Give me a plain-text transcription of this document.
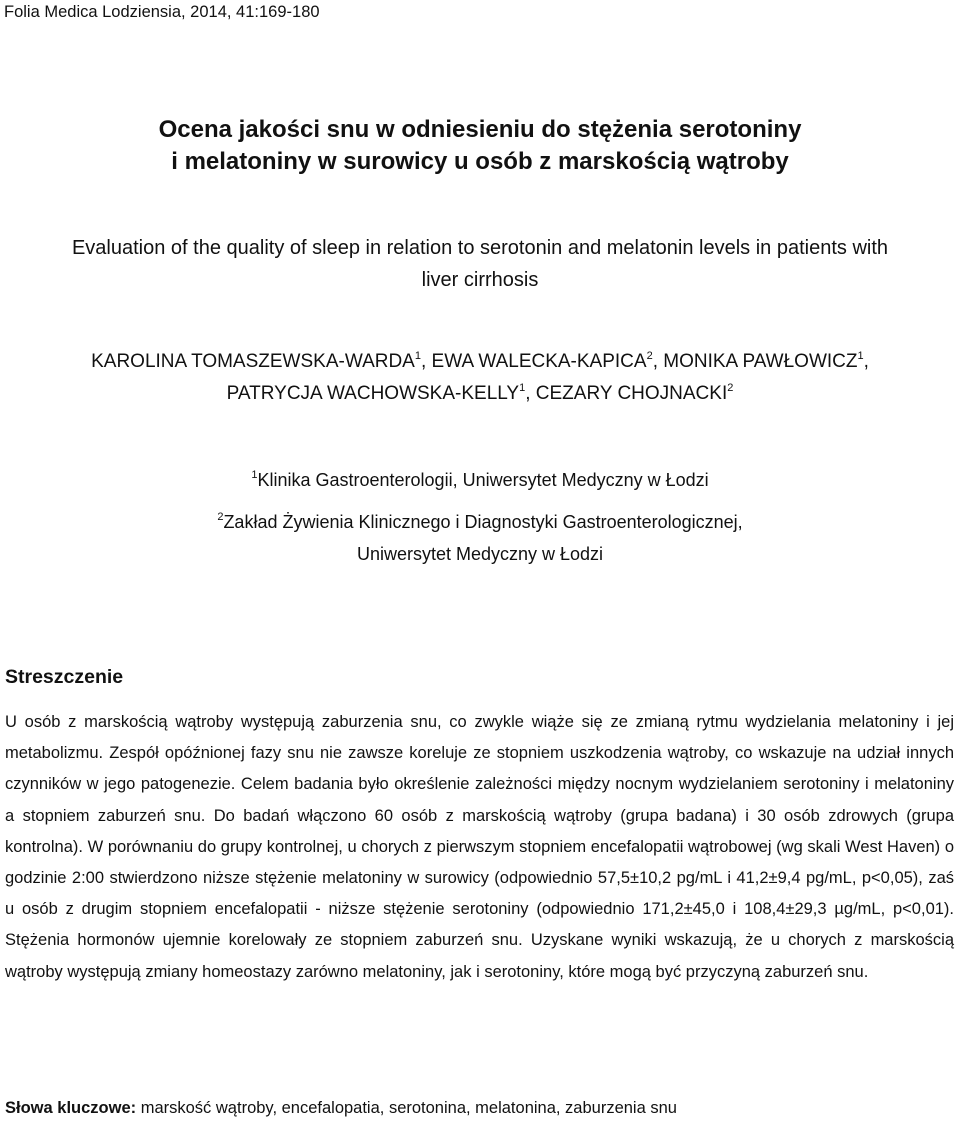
Folia Medica Lodziensia, 2014, 41:169-180

Ocena jakości snu w odniesieniu do stężenia serotoniny
i melatoniny w surowicy u osób z marskością wątroby
Evaluation of the quality of sleep in relation to serotonin and melatonin levels in patients with
liver cirrhosis
KAROLINA TOMASZEWSKA-WARDA$^1$, EWA WALECKA-KAPICA$^2$, MONIKA PAWŁOWICZ$^1$,
PATRYCJA WACHOWSKA-KELLY$^1$, CEZARY CHOJNACKI$^2$

$^1$Klinika Gastroenterologii, Uniwersytet Medyczny w Łodzi

$^2$Zakład Żywienia Klinicznego i Diagnostyki Gastroenterologicznej,
Uniwersytet Medyczny w Łodzi

Streszczenie

U osób z marskością wątroby występują zaburzenia snu, co zwykle wiąże się ze zmianą rytmu wydzielania melatoniny i jej metabolizmu. Zespół opóźnionej fazy snu nie zawsze koreluje ze stopniem uszkodzenia wątroby, co wskazuje na udział innych czynników w jego patogenezie. Celem badania było określenie zależności między nocnym wydzielaniem serotoniny i melatoniny a stopniem zaburzeń snu. Do badań włączono 60 osób z marskością wątroby (grupa badana) i 30 osób zdrowych (grupa kontrolna). W porównaniu do grupy kontrolnej, u chorych z pierwszym stopniem encefalopatii wątrobowej (wg skali West Haven) o godzinie 2:00 stwierdzono niższe stężenie melatoniny w surowicy (odpowiednio 57,5±10,2 pg/mL i 41,2±9,4 pg/mL, p<0,05), zaś u osób z drugim stopniem encefalopatii - niższe stężenie serotoniny (odpowiednio 171,2±45,0 i 108,4±29,3 µg/mL, p<0,01). Stężenia hormonów ujemnie korelowały ze stopniem zaburzeń snu. Uzyskane wyniki wskazują, że u chorych z marskością wątroby występują zmiany homeostazy zarówno melatoniny, jak i serotoniny, które mogą być przyczyną zaburzeń snu.

Słowa kluczowe: marskość wątroby, encefalopatia, serotonina, melatonina, zaburzenia snu
